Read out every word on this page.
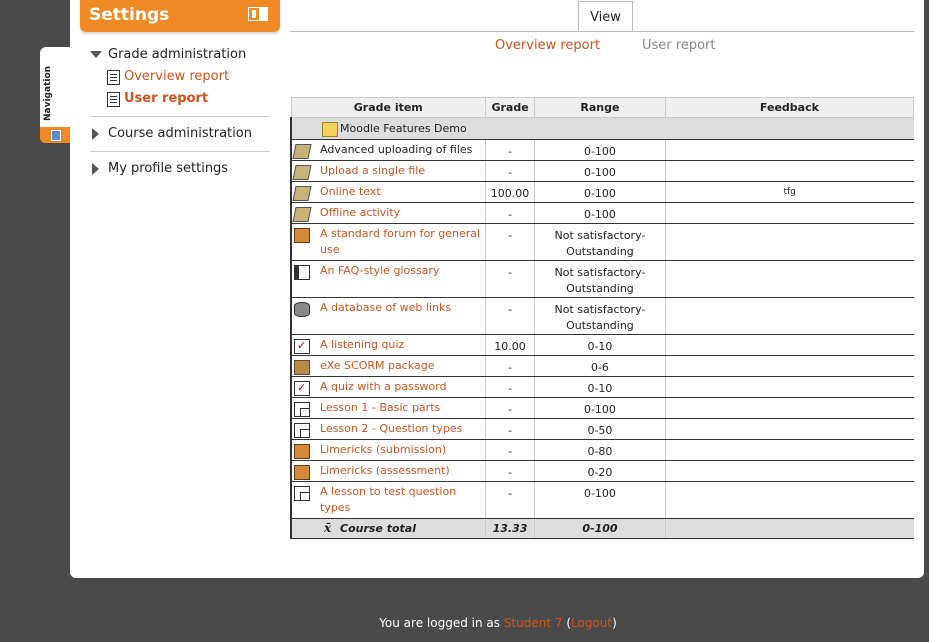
Navigation
Settings
Grade administration
Overview report
User report
Course administration
My profile settings
View
Overview report	User report
Grade item	Grade	Range	Feedback

Moodle Features Demo			

Advanced uploading of files	-	0-100	

Upload a single file	-	0-100	

Online text	100.00	0-100	tfg

Offline activity	-	0-100	

A standard forum for general use	-	Not satisfactory-Outstanding	

An FAQ-style glossary	-	Not satisfactory-Outstanding	

A database of web links	-	Not satisfactory-Outstanding	

✓
A listening quiz	10.00	0-10	

eXe SCORM package	-	0-6	

✓
A quiz with a password	-	0-10	

Lesson 1 - Basic parts	-	0-100	

Lesson 2 - Question types	-	0-50	

Limericks (submission)	-	0-80	

Limericks (assessment)	-	0-20	

A lesson to test question types	-	0-100	

x̄ Course total	13.33	0-100	
You are logged in as Student 7 (Logout)
